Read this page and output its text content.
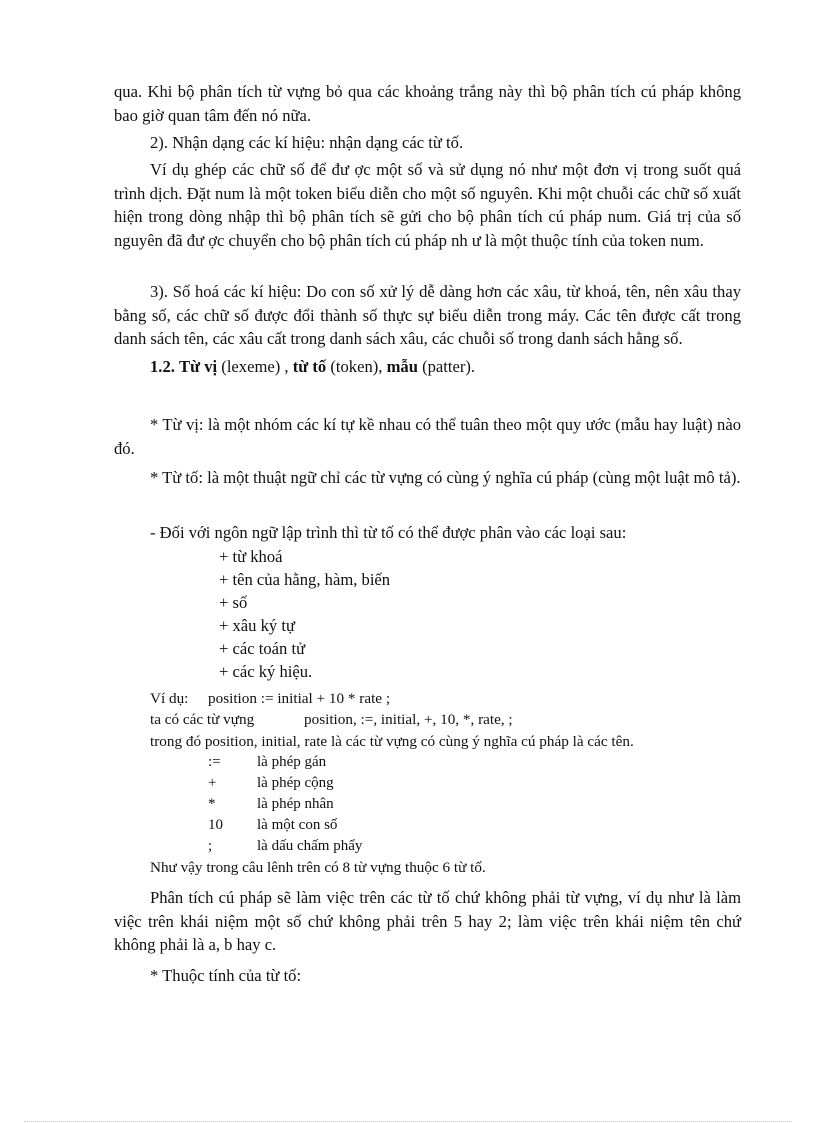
qua. Khi bộ phân tích từ vựng bỏ qua các khoảng trắng này thì bộ phân tích cú pháp không bao giờ quan tâm đến nó nữa.
2). Nhận dạng các kí hiệu: nhận dạng các từ tố.
Ví dụ ghép các chữ số để đư ợc một số và sử dụng nó như một đơn vị trong suốt quá trình dịch. Đặt num là một token biểu diễn cho một số nguyên. Khi một chuỗi các chữ số xuất hiện trong dòng nhập thì bộ phân tích sẽ gửi cho bộ phân tích cú pháp num. Giá trị của số nguyên đã đư ợc chuyển cho bộ phân tích cú pháp nh ư là một thuộc tính của token num.
3). Số hoá các kí hiệu: Do con số xử lý dễ dàng hơn các xâu, từ khoá, tên, nên xâu thay bằng số, các chữ số được đổi thành số thực sự biểu diễn trong máy. Các tên được cất trong danh sách tên, các xâu cất trong danh sách xâu, các chuỗi số trong danh sách hằng số.
1.2. Từ vị (lexeme) , từ tố (token), mẫu (patter).
* Từ vị: là một nhóm các kí tự kề nhau có thể tuân theo một quy ước (mẫu hay luật) nào đó.
* Từ tố: là một thuật ngữ chỉ các từ vựng có cùng ý nghĩa cú pháp (cùng một luật mô tả).
- Đối với ngôn ngữ lập trình thì từ tố có thể được phân vào các loại sau:
+ từ khoá
+ tên của hằng, hàm, biến
+ số
+ xâu ký tự
+ các toán tử
+ các ký hiệu.
Ví dụ: position := initial + 10 * rate ;
ta có các từ vựng	position, :=, initial, +, 10, *, rate, ;
trong đó position, initial, rate là các từ vựng có cùng ý nghĩa cú pháp là các tên.
:= là phép gán
+	là phép cộng
*	là phép nhân
10 là một con số
;	là dấu chấm phẩy
Như vậy trong câu lênh trên có 8 từ vựng thuộc 6 từ tố.
Phân tích cú pháp sẽ làm việc trên các từ tố chứ không phải từ vựng, ví dụ như là làm việc trên khái niệm một số chứ không phải trên 5 hay 2; làm việc trên khái niệm tên chứ không phải là a, b hay c.
* Thuộc tính của từ tố:
